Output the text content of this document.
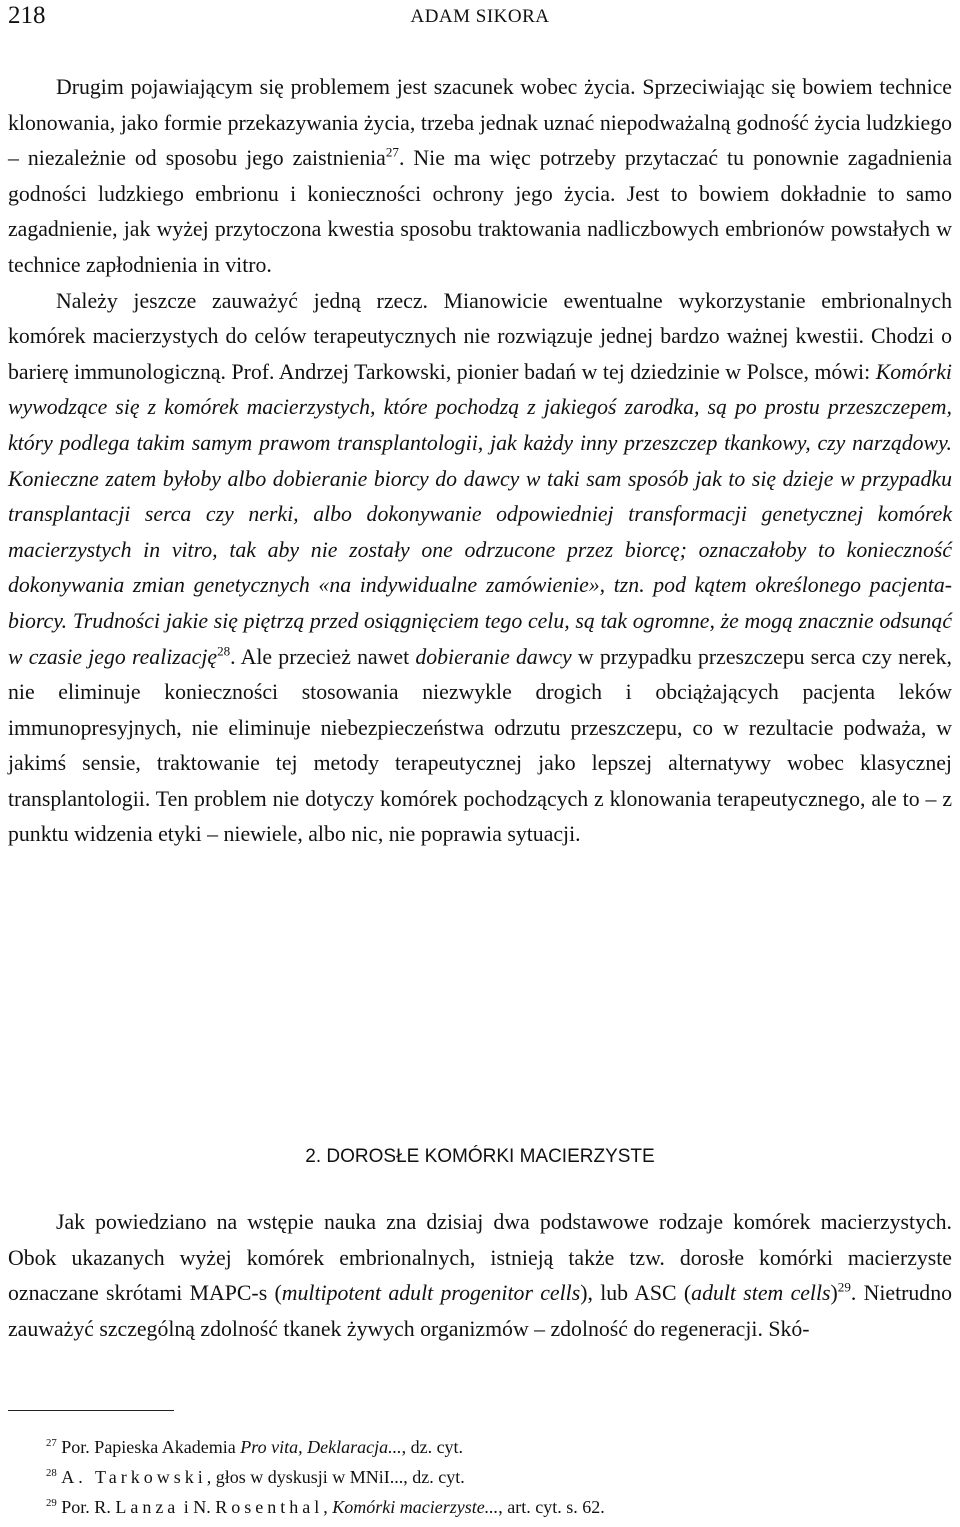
218	ADAM SIKORA

Drugim pojawiającym się problemem jest szacunek wobec życia. Sprzeciwiając się bowiem technice klonowania, jako formie przekazywania życia, trzeba jednak uznać niepodważalną godność życia ludzkiego – niezależnie od sposobu jego zaistnienia$^{27}$. Nie ma więc potrzeby przytaczać tu ponownie zagadnienia godności ludzkiego embrionu i konieczności ochrony jego życia. Jest to bowiem dokładnie to samo zagadnienie, jak wyżej przytoczona kwestia sposobu traktowania nadliczbowych embrionów powstałych w technice zapłodnienia in vitro.

Należy jeszcze zauważyć jedną rzecz. Mianowicie ewentualne wykorzystanie embrionalnych komórek macierzystych do celów terapeutycznych nie rozwiązuje jednej bardzo ważnej kwestii. Chodzi o barierę immunologiczną. Prof. Andrzej Tarkowski, pionier badań w tej dziedzinie w Polsce, mówi: Komórki wywodzące się z komórek macierzystych, które pochodzą z jakiegoś zarodka, są po prostu przeszczepem, który podlega takim samym prawom transplantologii, jak każdy inny przeszczep tkankowy, czy narządowy. Konieczne zatem byłoby albo dobieranie biorcy do dawcy w taki sam sposób jak to się dzieje w przypadku transplantacji serca czy nerki, albo dokonywanie odpowiedniej transformacji genetycznej komórek macierzystych in vitro, tak aby nie zostały one odrzucone przez biorcę; oznaczałoby to konieczność dokonywania zmian genetycznych «na indywidualne zamówienie», tzn. pod kątem określonego pacjenta-biorcy. Trudności jakie się piętrzą przed osiągnięciem tego celu, są tak ogromne, że mogą znacznie odsunąć w czasie jego realizację$^{28}$. Ale przecież nawet dobieranie dawcy w przypadku przeszczepu serca czy nerek, nie eliminuje konieczności stosowania niezwykle drogich i obciążających pacjenta leków immunopresyjnych, nie eliminuje niebezpieczeństwa odrzutu przeszczepu, co w rezultacie podważa, w jakimś sensie, traktowanie tej metody terapeutycznej jako lepszej alternatywy wobec klasycznej transplantologii. Ten problem nie dotyczy komórek pochodzących z klonowania terapeutycznego, ale to – z punktu widzenia etyki – niewiele, albo nic, nie poprawia sytuacji.

2. DOROSŁE KOMÓRKI MACIERZYSTE

Jak powiedziano na wstępie nauka zna dzisiaj dwa podstawowe rodzaje komórek macierzystych. Obok ukazanych wyżej komórek embrionalnych, istnieją także tzw. dorosłe komórki macierzyste oznaczane skrótami MAPC-s (multipotent adult progenitor cells), lub ASC (adult stem cells)$^{29}$. Nietrudno zauważyć szczególną zdolność tkanek żywych organizmów – zdolność do regeneracji. Skó-

$^{27}$ Por. Papieska Akademia Pro vita, Deklaracja..., dz. cyt.
$^{28}$ A. Tarkowski, głos w dyskusji w MNiI..., dz. cyt.
$^{29}$ Por. R. Lanza i N. Rosenthal, Komórki macierzyste..., art. cyt. s. 62.
